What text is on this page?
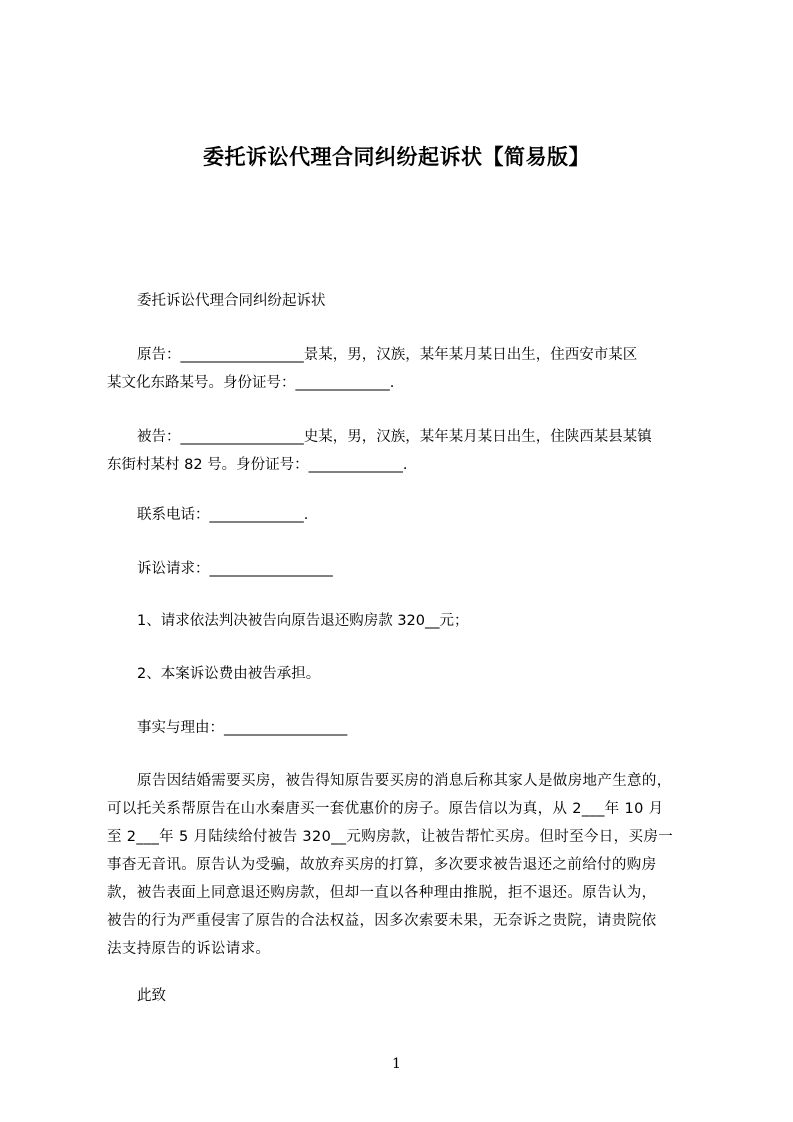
委托诉讼代理合同纠纷起诉状【简易版】
委托诉讼代理合同纠纷起诉状
原告：_________________景某，男，汉族，某年某月某日出生，住西安市某区
某文化东路某号。身份证号：_____________.
被告：_________________史某，男，汉族，某年某月某日出生，住陕西某县某镇
东街村某村 82 号。身份证号：_____________.
联系电话：_____________.
诉讼请求：_________________
1、请求依法判决被告向原告退还购房款 320__元；
2、本案诉讼费由被告承担。
事实与理由：_________________
原告因结婚需要买房，被告得知原告要买房的消息后称其家人是做房地产生意的，
可以托关系帮原告在山水秦唐买一套优惠价的房子。原告信以为真，从 2___年 10 月
至 2___年 5 月陆续给付被告 320__元购房款，让被告帮忙买房。但时至今日，买房一
事杳无音讯。原告认为受骗，故放弃买房的打算，多次要求被告退还之前给付的购房
款，被告表面上同意退还购房款，但却一直以各种理由推脱，拒不退还。原告认为，
被告的行为严重侵害了原告的合法权益，因多次索要未果，无奈诉之贵院，请贵院依
法支持原告的诉讼请求。
此致
1
